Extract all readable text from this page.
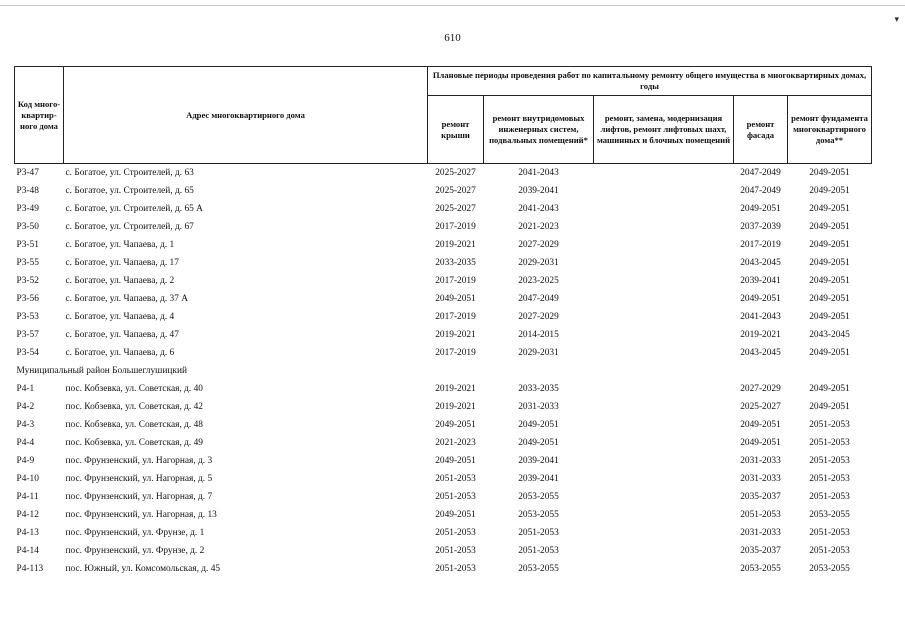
▾
610
Код много-квартир-ного дома	Адрес многоквартирного дома	Плановые периоды проведения работ по капитальному ремонту общего имущества в многоквартирных домах, годы				
		ремонт крыши	ремонт внутридомовых инженерных систем, подвальных помещений*	ремонт, замена, модернизация лифтов, ремонт лифтовых шахт, машинных и блочных помещений	ремонт фасада	ремонт фундамента многоквартирного дома**
Р3-47	с. Богатое, ул. Строителей, д. 63	2025-2027	2041-2043		2047-2049	2049-2051
Р3-48	с. Богатое, ул. Строителей, д. 65	2025-2027	2039-2041		2047-2049	2049-2051
Р3-49	с. Богатое, ул. Строителей, д. 65 А	2025-2027	2041-2043		2049-2051	2049-2051
Р3-50	с. Богатое, ул. Строителей, д. 67	2017-2019	2021-2023		2037-2039	2049-2051
Р3-51	с. Богатое, ул. Чапаева, д. 1	2019-2021	2027-2029		2017-2019	2049-2051
Р3-55	с. Богатое, ул. Чапаева, д. 17	2033-2035	2029-2031		2043-2045	2049-2051
Р3-52	с. Богатое, ул. Чапаева, д. 2	2017-2019	2023-2025		2039-2041	2049-2051
Р3-56	с. Богатое, ул. Чапаева, д. 37 А	2049-2051	2047-2049		2049-2051	2049-2051
Р3-53	с. Богатое, ул. Чапаева, д. 4	2017-2019	2027-2029		2041-2043	2049-2051
Р3-57	с. Богатое, ул. Чапаева, д. 47	2019-2021	2014-2015		2019-2021	2043-2045
Р3-54	с. Богатое, ул. Чапаева, д. 6	2017-2019	2029-2031		2043-2045	2049-2051
Муниципальный район Большеглушицкий						
Р4-1	пос. Кобзевка, ул. Советская, д. 40	2019-2021	2033-2035		2027-2029	2049-2051
Р4-2	пос. Кобзевка, ул. Советская, д. 42	2019-2021	2031-2033		2025-2027	2049-2051
Р4-3	пос. Кобзевка, ул. Советская, д. 48	2049-2051	2049-2051		2049-2051	2051-2053
Р4-4	пос. Кобзевка, ул. Советская, д. 49	2021-2023	2049-2051		2049-2051	2051-2053
Р4-9	пос. Фрунзенский, ул. Нагорная, д. 3	2049-2051	2039-2041		2031-2033	2051-2053
Р4-10	пос. Фрунзенский, ул. Нагорная, д. 5	2051-2053	2039-2041		2031-2033	2051-2053
Р4-11	пос. Фрунзенский, ул. Нагорная, д. 7	2051-2053	2053-2055		2035-2037	2051-2053
Р4-12	пос. Фрунзенский, ул. Нагорная, д. 13	2049-2051	2053-2055		2051-2053	2053-2055
Р4-13	пос. Фрунзенский, ул. Фрунзе, д. 1	2051-2053	2051-2053		2031-2033	2051-2053
Р4-14	пос. Фрунзенский, ул. Фрунзе, д. 2	2051-2053	2051-2053		2035-2037	2051-2053
Р4-113	пос. Южный, ул. Комсомольская, д. 45	2051-2053	2053-2055		2053-2055	2053-2055
